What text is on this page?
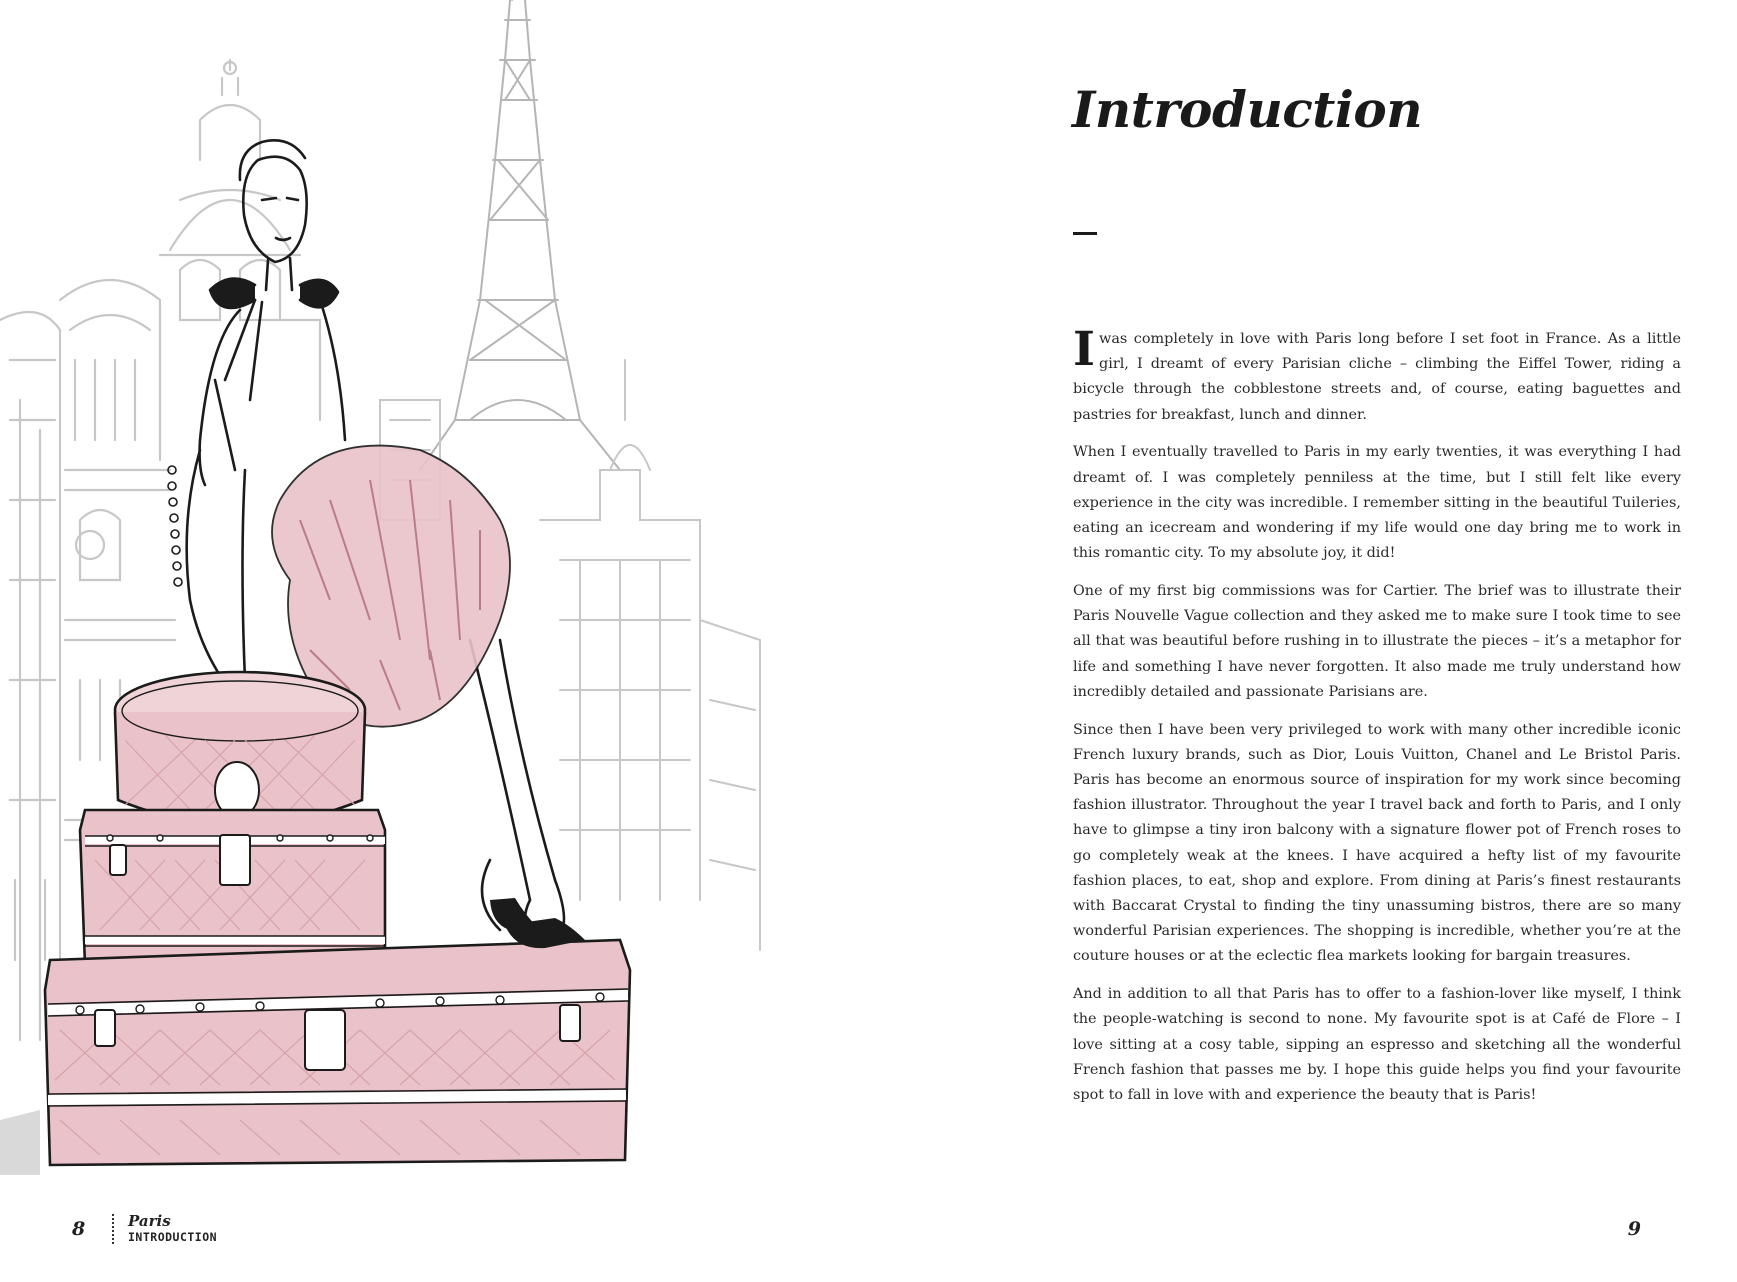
8	Paris
INTRODUCTION
Introduction

I was completely in love with Paris long before I set foot in France. As a little girl, I dreamt of every Parisian cliche – climbing the Eiffel Tower, riding a bicycle through the cobblestone streets and, of course, eating baguettes and pastries for breakfast, lunch and dinner.

When I eventually travelled to Paris in my early twenties, it was everything I had dreamt of. I was completely penniless at the time, but I still felt like every experience in the city was incredible. I remember sitting in the beautiful Tuileries, eating an icecream and wondering if my life would one day bring me to work in this romantic city. To my absolute joy, it did!

One of my first big commissions was for Cartier. The brief was to illustrate their Paris Nouvelle Vague collection and they asked me to make sure I took time to see all that was beautiful before rushing in to illustrate the pieces – it’s a metaphor for life and something I have never forgotten. It also made me truly understand how incredibly detailed and passionate Parisians are.

Since then I have been very privileged to work with many other incredible iconic French luxury brands, such as Dior, Louis Vuitton, Chanel and Le Bristol Paris. Paris has become an enormous source of inspiration for my work since becoming fashion illustrator. Throughout the year I travel back and forth to Paris, and I only have to glimpse a tiny iron balcony with a signature flower pot of French roses to go completely weak at the knees. I have acquired a hefty list of my favourite fashion places, to eat, shop and explore. From dining at Paris’s finest restaurants with Baccarat Crystal to finding the tiny unassuming bistros, there are so many wonderful Parisian experiences. The shopping is incredible, whether you’re at the couture houses or at the eclectic flea markets looking for bargain treasures.

And in addition to all that Paris has to offer to a fashion-lover like myself, I think the people-watching is second to none. My favourite spot is at Café de Flore – I love sitting at a cosy table, sipping an espresso and sketching all the wonderful French fashion that passes me by. I hope this guide helps you find your favourite spot to fall in love with and experience the beauty that is Paris!

9
